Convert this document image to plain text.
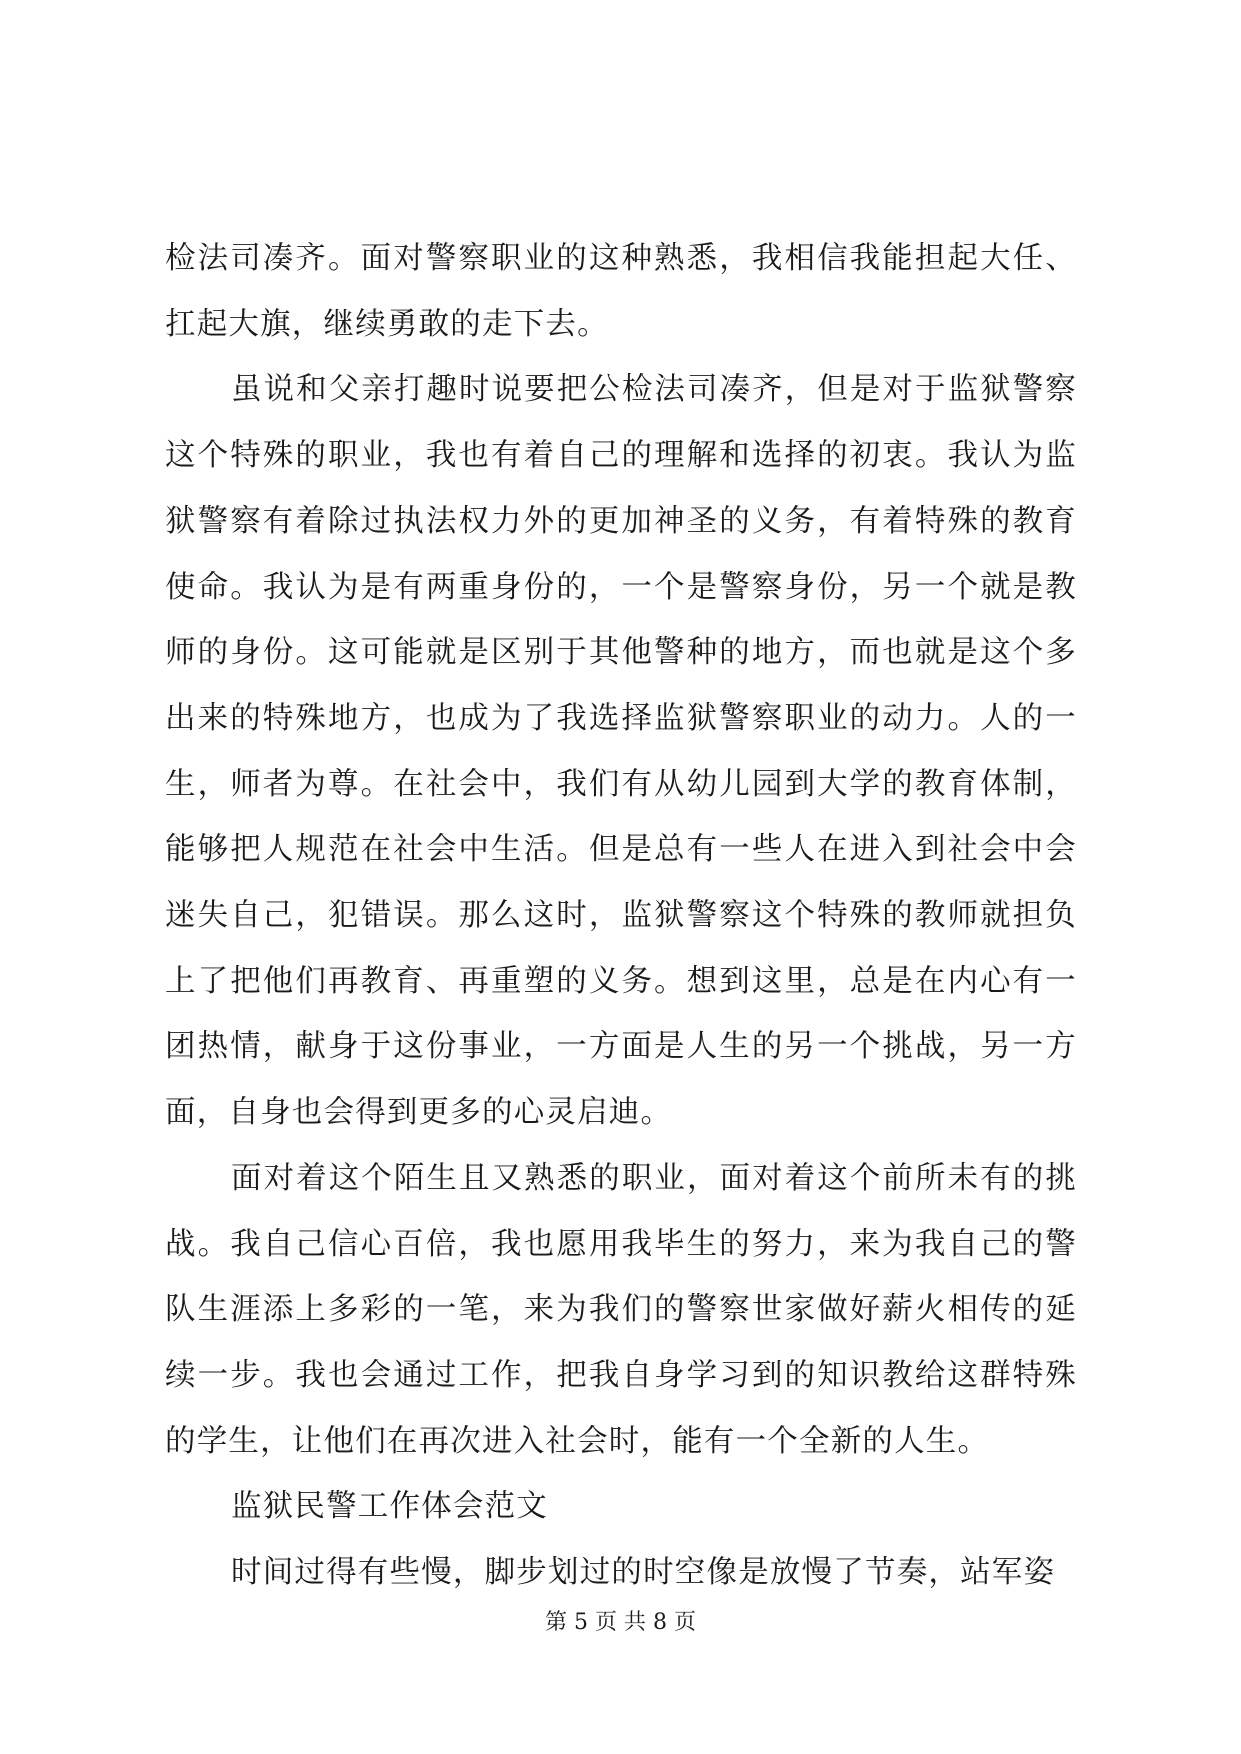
检法司凑齐。面对警察职业的这种熟悉，我相信我能担起大任、扛起大旗，继续勇敢的走下去。

虽说和父亲打趣时说要把公检法司凑齐，但是对于监狱警察这个特殊的职业，我也有着自己的理解和选择的初衷。我认为监狱警察有着除过执法权力外的更加神圣的义务，有着特殊的教育使命。我认为是有两重身份的，一个是警察身份，另一个就是教师的身份。这可能就是区别于其他警种的地方，而也就是这个多出来的特殊地方，也成为了我选择监狱警察职业的动力。人的一生，师者为尊。在社会中，我们有从幼儿园到大学的教育体制，能够把人规范在社会中生活。但是总有一些人在进入到社会中会迷失自己，犯错误。那么这时，监狱警察这个特殊的教师就担负上了把他们再教育、再重塑的义务。想到这里，总是在内心有一团热情，献身于这份事业，一方面是人生的另一个挑战，另一方面，自身也会得到更多的心灵启迪。

面对着这个陌生且又熟悉的职业，面对着这个前所未有的挑战。我自己信心百倍，我也愿用我毕生的努力，来为我自己的警队生涯添上多彩的一笔，来为我们的警察世家做好薪火相传的延续一步。我也会通过工作，把我自身学习到的知识教给这群特殊的学生，让他们在再次进入社会时，能有一个全新的人生。

监狱民警工作体会范文

时间过得有些慢，脚步划过的时空像是放慢了节奏，站军姿

第 5 页 共 8 页
